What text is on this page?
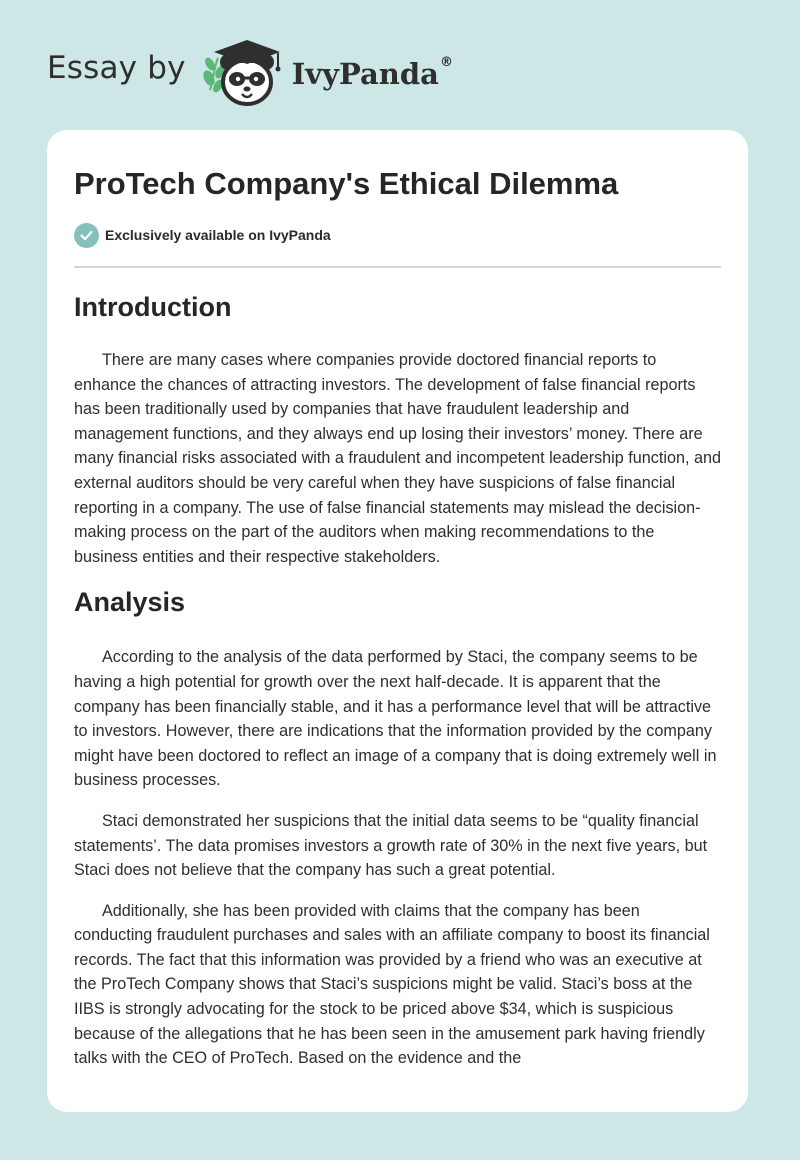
Essay by	IvyPanda®
ProTech Company's Ethical Dilemma
Exclusively available on IvyPanda
Introduction

There are many cases where companies provide doctored financial reports to enhance the chances of attracting investors. The development of false financial reports has been traditionally used by companies that have fraudulent leadership and management functions, and they always end up losing their investors’ money. There are many financial risks associated with a fraudulent and incompetent leadership function, and external auditors should be very careful when they have suspicions of false financial reporting in a company. The use of false financial statements may mislead the decision-making process on the part of the auditors when making recommendations to the business entities and their respective stakeholders.

Analysis

According to the analysis of the data performed by Staci, the company seems to be having a high potential for growth over the next half-decade. It is apparent that the company has been financially stable, and it has a performance level that will be attractive to investors. However, there are indications that the information provided by the company might have been doctored to reflect an image of a company that is doing extremely well in business processes.

Staci demonstrated her suspicions that the initial data seems to be “quality financial statements’. The data promises investors a growth rate of 30% in the next five years, but Staci does not believe that the company has such a great potential.

Additionally, she has been provided with claims that the company has been conducting fraudulent purchases and sales with an affiliate company to boost its financial records. The fact that this information was provided by a friend who was an executive at the ProTech Company shows that Staci’s suspicions might be valid. Staci’s boss at the IIBS is strongly advocating for the stock to be priced above $34, which is suspicious because of the allegations that he has been seen in the amusement park having friendly talks with the CEO of ProTech. Based on the evidence and the
